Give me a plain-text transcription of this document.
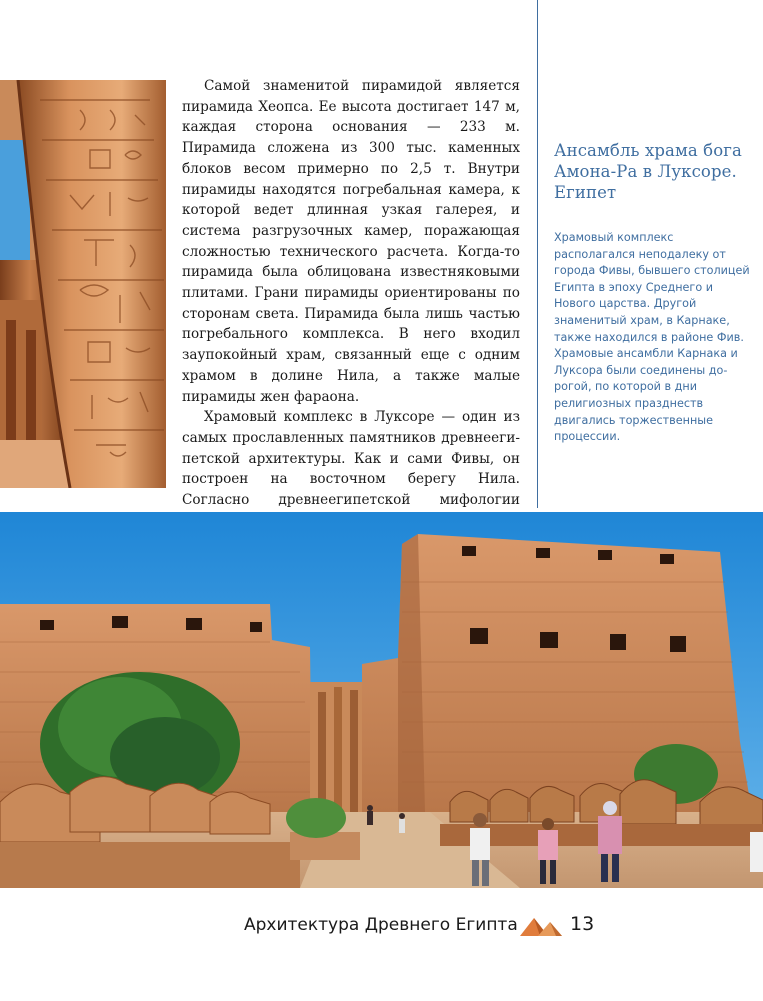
Самой знаменитой пирамидой является пирамида Хеопса. Ее высота достигает 147 м, каждая сторона основания — 233 м. Пирамида сложена из 300 тыс. каменных блоков весом примерно по 2,5 т. Внутри пирамиды находятся погребальная камера, к которой ведет длинная узкая галерея, и система разгрузочных камер, поражающая сложностью технического расчета. Когда-то пирамида была облицована известняковыми плитами. Грани пирамиды ориентированы по сторонам света. Пирамида была лишь частью погребального комплекса. В него входил заупокойный храм, связанный еще с одним храмом в долине Нила, а также малые пирамиды жен фараона.

Храмовый комплекс в Луксоре — один из самых прославленных памятников древнеегипетской архитектуры. Как и сами Фивы, он построен на восточном берегу Нила. Согласно древнеегипетской мифологии

Ансамбль храма бога Амона-Ра в Луксоре. Египет
Храмовый комплекс располагался неподалеку от города Фивы, бывшего столицей Египта в эпоху Среднего и Нового царства. Другой знаменитый храм, в Карнаке, также находился в районе Фив. Храмовые ансамбли Карнака и Луксора были соединены дорогой, по которой в дни религиозных празднеств двигались торжественные процессии.
Архитектура Древнего Египта	13
